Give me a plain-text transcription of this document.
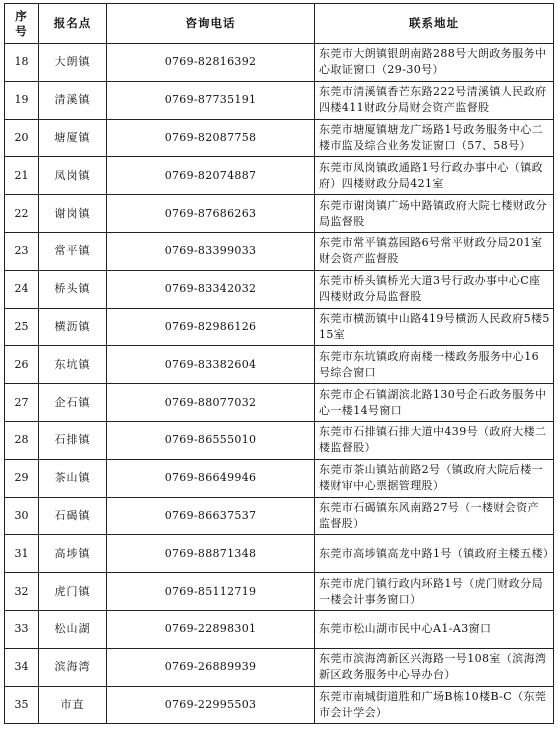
序
号	报名点	咨询电话	联系地址
18	大朗镇	0769-82816392	东莞市大朗镇银朗南路288号大朗政务服务中心取证窗口（29-30号）
19	清溪镇	0769-87735191	东莞市清溪镇香芒东路222号清溪镇人民政府四楼411财政分局财会资产监督股
20	塘厦镇	0769-82087758	东莞市塘厦镇塘龙广场路1号政务服务中心二楼市监及综合业务发证窗口（57、58号）
21	凤岗镇	0769-82074887	东莞市凤岗镇政通路1号行政办事中心（镇政府）四楼财政分局421室
22	谢岗镇	0769-87686263	东莞市谢岗镇广场中路镇政府大院七楼财政分局监督股
23	常平镇	0769-83399033	东莞市常平镇荔园路6号常平财政分局201室财会资产监督股
24	桥头镇	0769-83342032	东莞市桥头镇桥光大道3号行政办事中心C座四楼财政分局监督股
25	横沥镇	0769-82986126	东莞市横沥镇中山路419号横沥人民政府5楼515室
26	东坑镇	0769-83382604	东莞市东坑镇政府南楼一楼政务服务中心16号综合窗口
27	企石镇	0769-88077032	东莞市企石镇湖滨北路130号企石政务服务中心一楼14号窗口
28	石排镇	0769-86555010	东莞市石排镇石排大道中439号（政府大楼二楼监督股）
29	茶山镇	0769-86649946	东莞市茶山镇站前路2号（镇政府大院后楼一楼财审中心票据管理股）
30	石碣镇	0769-86637537	东莞市石碣镇东风南路27号（一楼财会资产监督股）
31	高埗镇	0769-88871348	东莞市高埗镇高龙中路1号（镇政府主楼五楼）
32	虎门镇	0769-85112719	东莞市虎门镇行政内环路1号（虎门财政分局一楼会计事务窗口）
33	松山湖	0769-22898301	东莞市松山湖市民中心A1-A3窗口
34	滨海湾	0769-26889939	东莞市滨海湾新区兴海路一号108室（滨海湾新区政务服务中心导办台）
35	市直	0769-22995503	东莞市南城街道胜和广场B栋10楼B-C（东莞市会计学会）
